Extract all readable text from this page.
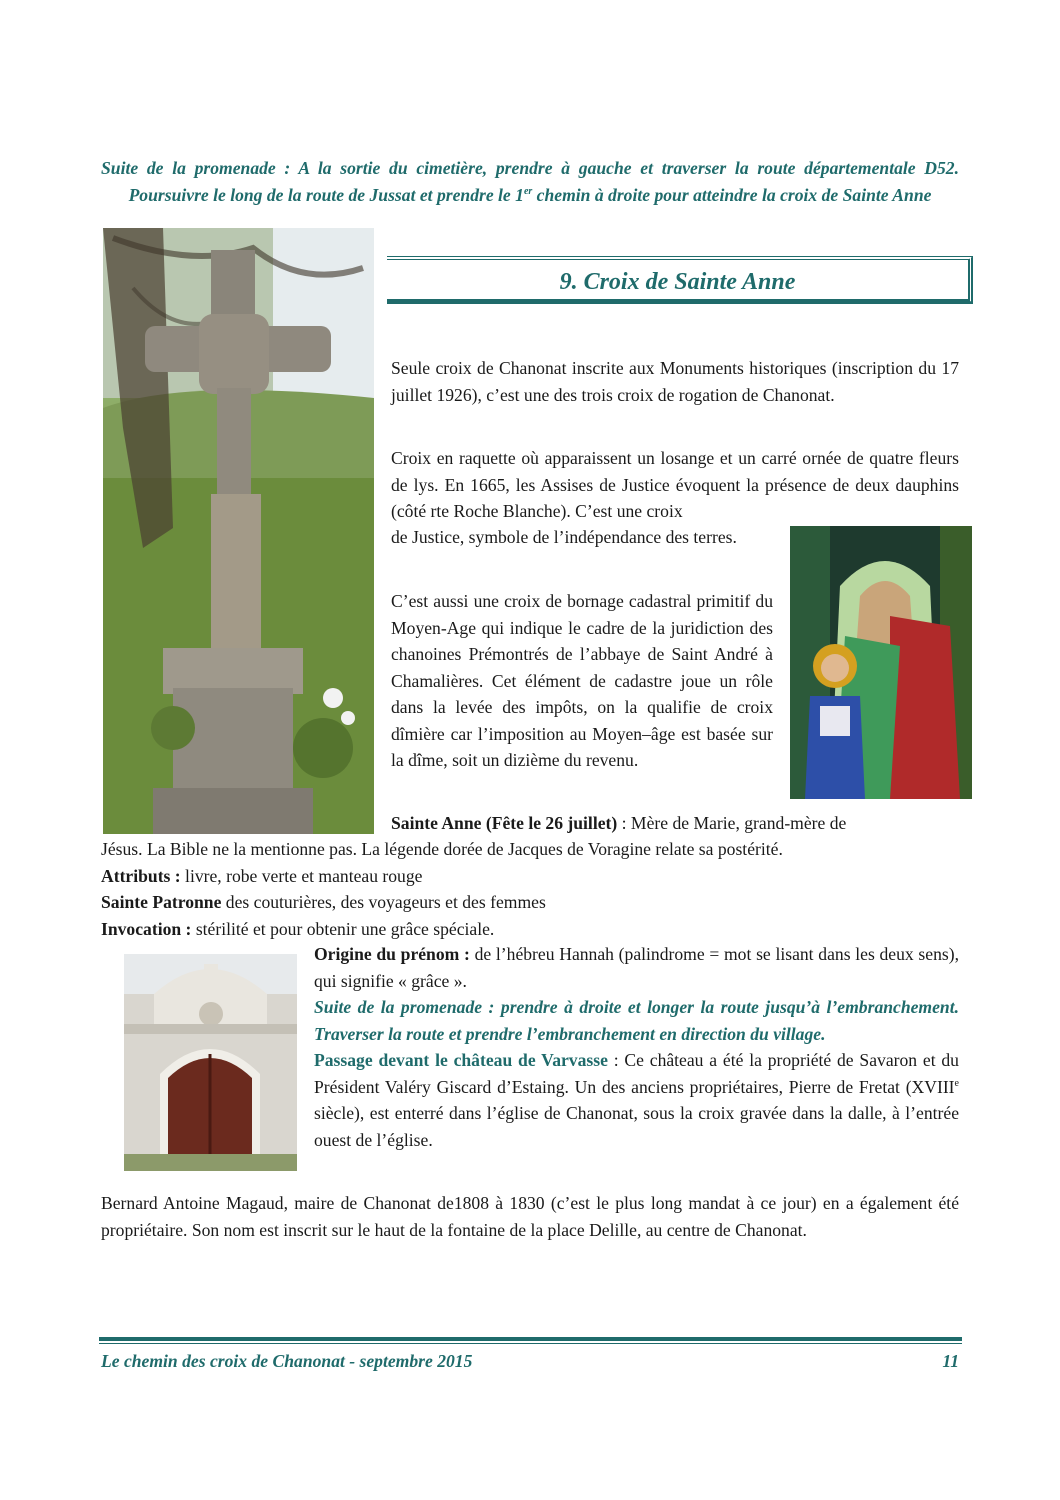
Suite de la promenade : A la sortie du cimetière, prendre à gauche et traverser la route départementale D52. Poursuivre le long de la route de Jussat et prendre le 1er chemin à droite pour atteindre la croix de Sainte Anne
9. Croix de Sainte Anne

Seule croix de Chanonat inscrite aux Monuments historiques (inscription du 17 juillet 1926), c’est une des trois croix de rogation de Chanonat.

Croix en raquette où apparaissent un losange et un carré ornée de quatre fleurs de lys. En 1665, les Assises de Justice évoquent la présence de deux dauphins (côté rte Roche Blanche). C’est une croix

de Justice, symbole de l’indépendance des terres.

C’est aussi une croix de bornage cadastral primitif du Moyen-Age qui indique le cadre de la juridiction des chanoines Prémontrés de l’abbaye de Saint André à Chamalières. Cet élément de cadastre joue un rôle dans la levée des impôts, on la qualifie de croix dîmière car l’imposition au Moyen–âge est basée sur la dîme, soit un dizième du revenu.

Sainte Anne (Fête le 26 juillet) : Mère de Marie, grand-mère de

Jésus. La Bible ne la mentionne pas. La légende dorée de Jacques de Voragine relate sa postérité.

Attributs : livre, robe verte et manteau rouge

Sainte Patronne des couturières, des voyageurs et des femmes

Invocation : stérilité et pour obtenir une grâce spéciale.

Origine du prénom : de l’hébreu Hannah (palindrome = mot se lisant dans les deux sens), qui signifie « grâce ».

Suite de la promenade : prendre à droite et longer la route jusqu’à l’embranchement. Traverser la route et prendre l’embranchement en direction du village.

Passage devant le château de Varvasse : Ce château a été la propriété de Savaron et du Président Valéry Giscard d’Estaing. Un des anciens propriétaires, Pierre de Fretat (XVIIIe siècle), est enterré dans l’église de Chanonat, sous la croix gravée dans la dalle, à l’entrée ouest de l’église.

Bernard Antoine Magaud, maire de Chanonat de1808 à 1830 (c’est le plus long mandat à ce jour) en a également été propriétaire. Son nom est inscrit sur le haut de la fontaine de la place Delille, au centre de Chanonat.

Le chemin des croix de Chanonat - septembre 2015	11
